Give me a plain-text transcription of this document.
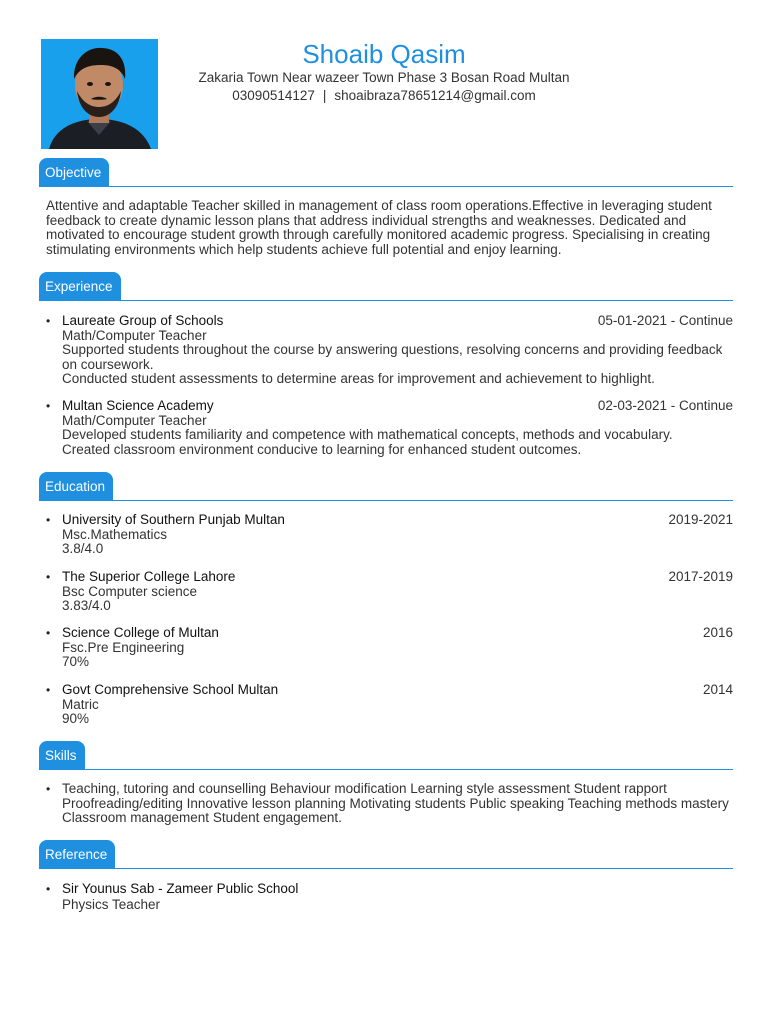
Shoaib Qasim
Zakaria Town Near wazeer Town Phase 3 Bosan Road Multan
03090514127 | shoaibraza78651214@gmail.com
Objective
Attentive and adaptable Teacher skilled in management of class room operations.Effective in leveraging student feedback to create dynamic lesson plans that address individual strengths and weaknesses. Dedicated and motivated to encourage student growth through carefully monitored academic progress. Specialising in creating stimulating environments which help students achieve full potential and enjoy learning.
Experience
• Laureate Group of Schools	05-01-2021 - Continue
Math/Computer Teacher
Supported students throughout the course by answering questions, resolving concerns and providing feedback on coursework.
Conducted student assessments to determine areas for improvement and achievement to highlight.
• Multan Science Academy	02-03-2021 - Continue
Math/Computer Teacher
Developed students familiarity and competence with mathematical concepts, methods and vocabulary.
Created classroom environment conducive to learning for enhanced student outcomes.
Education
• University of Southern Punjab Multan	2019-2021
Msc.Mathematics
3.8/4.0
• The Superior College Lahore	2017-2019
Bsc Computer science
3.83/4.0
• Science College of Multan	2016
Fsc.Pre Engineering
70%
• Govt Comprehensive School Multan	2014
Matric
90%
Skills
• Teaching, tutoring and counselling Behaviour modification Learning style assessment Student rapport Proofreading/editing Innovative lesson planning Motivating students Public speaking Teaching methods mastery Classroom management Student engagement.
Reference
• Sir Younus Sab - Zameer Public School
Physics Teacher
